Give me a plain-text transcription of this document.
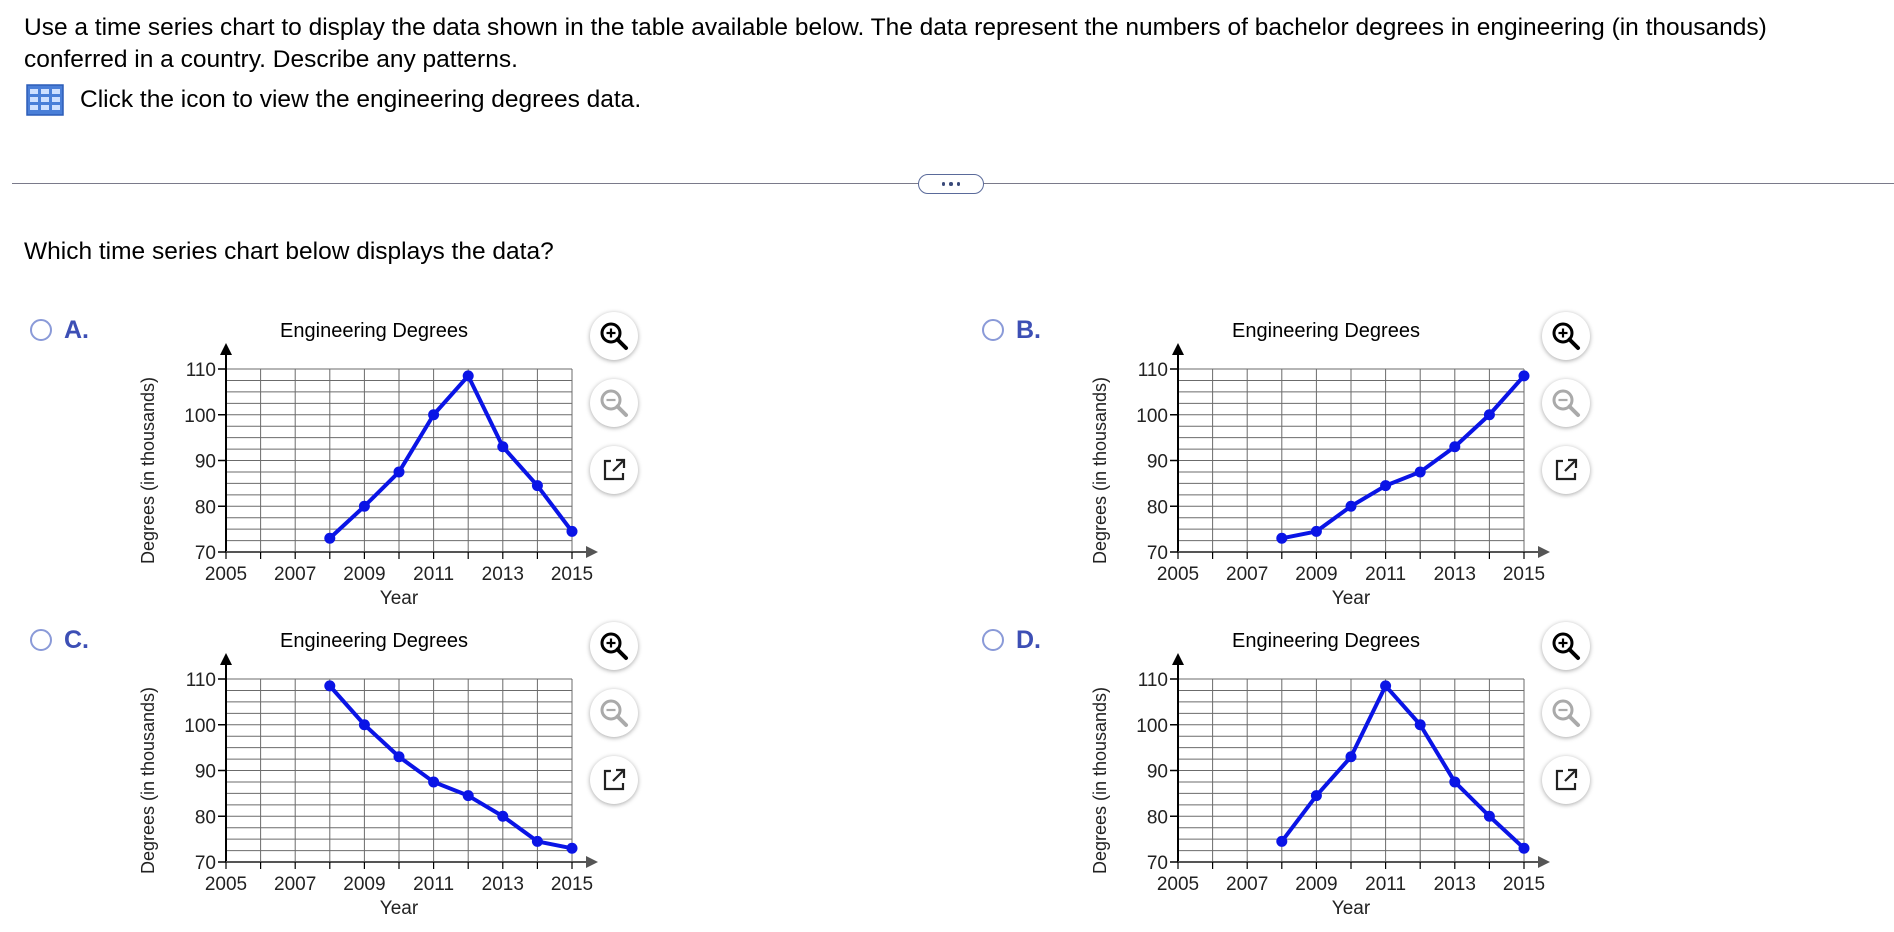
Use a time series chart to display the data shown in the table available below. The data represent the numbers of bachelor degrees in engineering (in thousands) conferred in a country. Describe any patterns.
Click the icon to view the engineering degrees data.
Which time series chart below displays the data?
A.
70
80
90
100
110
2005 2007 2009 2011 2013 2015
Engineering Degrees
Year
Degrees (in thousands)
B.
70
80
90
100
110
2005 2007 2009 2011 2013 2015
Engineering Degrees
Year
Degrees (in thousands)
C.
70
80
90
100
110
2005 2007 2009 2011 2013 2015
Engineering Degrees
Year
Degrees (in thousands)
D.
70
80
90
100
110
2005 2007 2009 2011 2013 2015
Engineering Degrees
Year
Degrees (in thousands)
